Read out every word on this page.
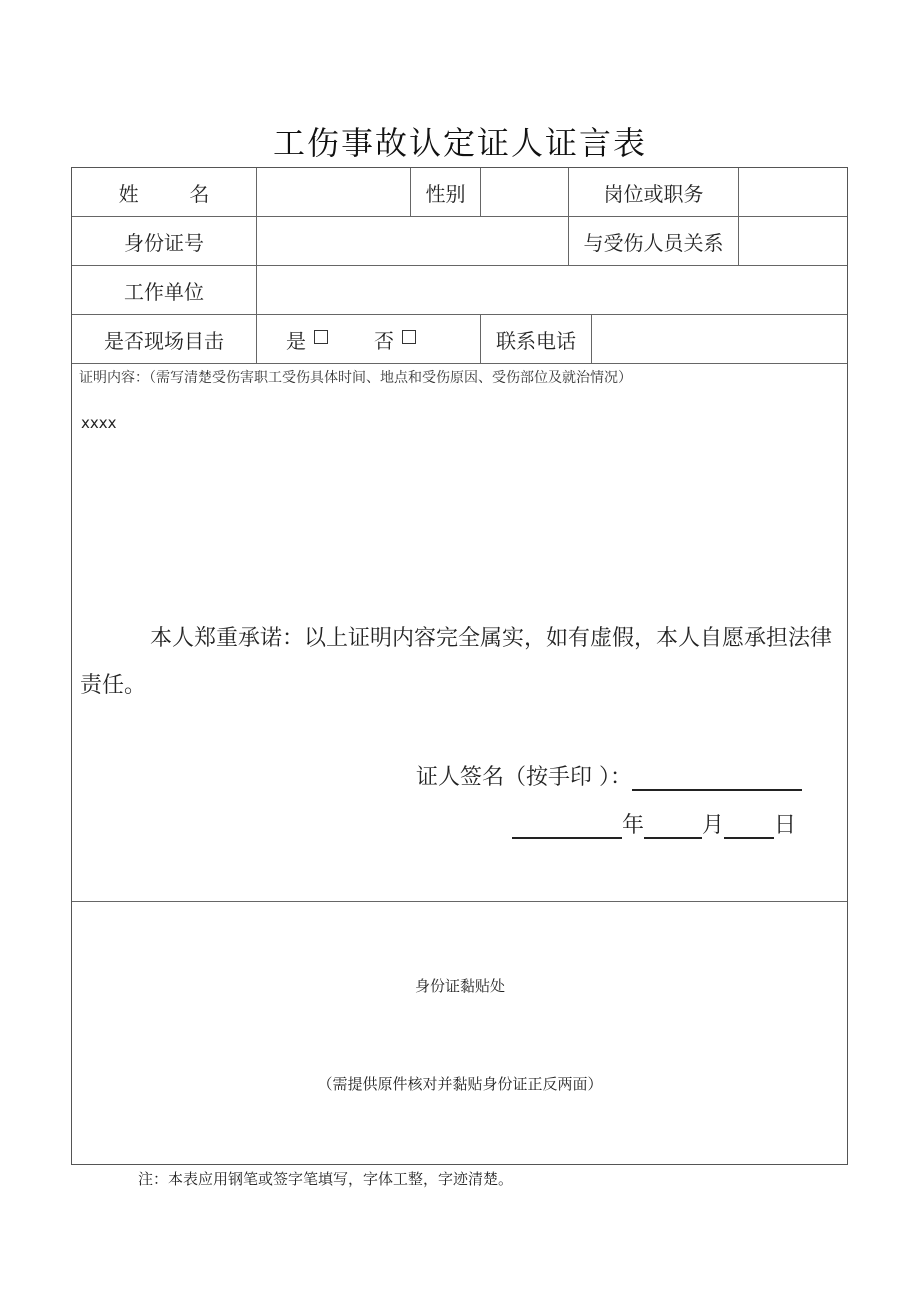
工伤事故认定证人证言表
姓        名	性别	岗位或职务
身份证号	与受伤人员关系
工作单位
是否现场目击	是	否	联系电话
证明内容：（需写清楚受伤害职工受伤具体时间、地点和受伤原因、受伤部位及就治情况）
xxxx
本人郑重承诺：以上证明内容完全属实，如有虚假，本人自愿承担法律责任。
证人签名（按手印 ）：
年	月 日
身份证黏贴处
（需提供原件核对并黏贴身份证正反两面）
注：本表应用钢笔或签字笔填写，字体工整，字迹清楚。
